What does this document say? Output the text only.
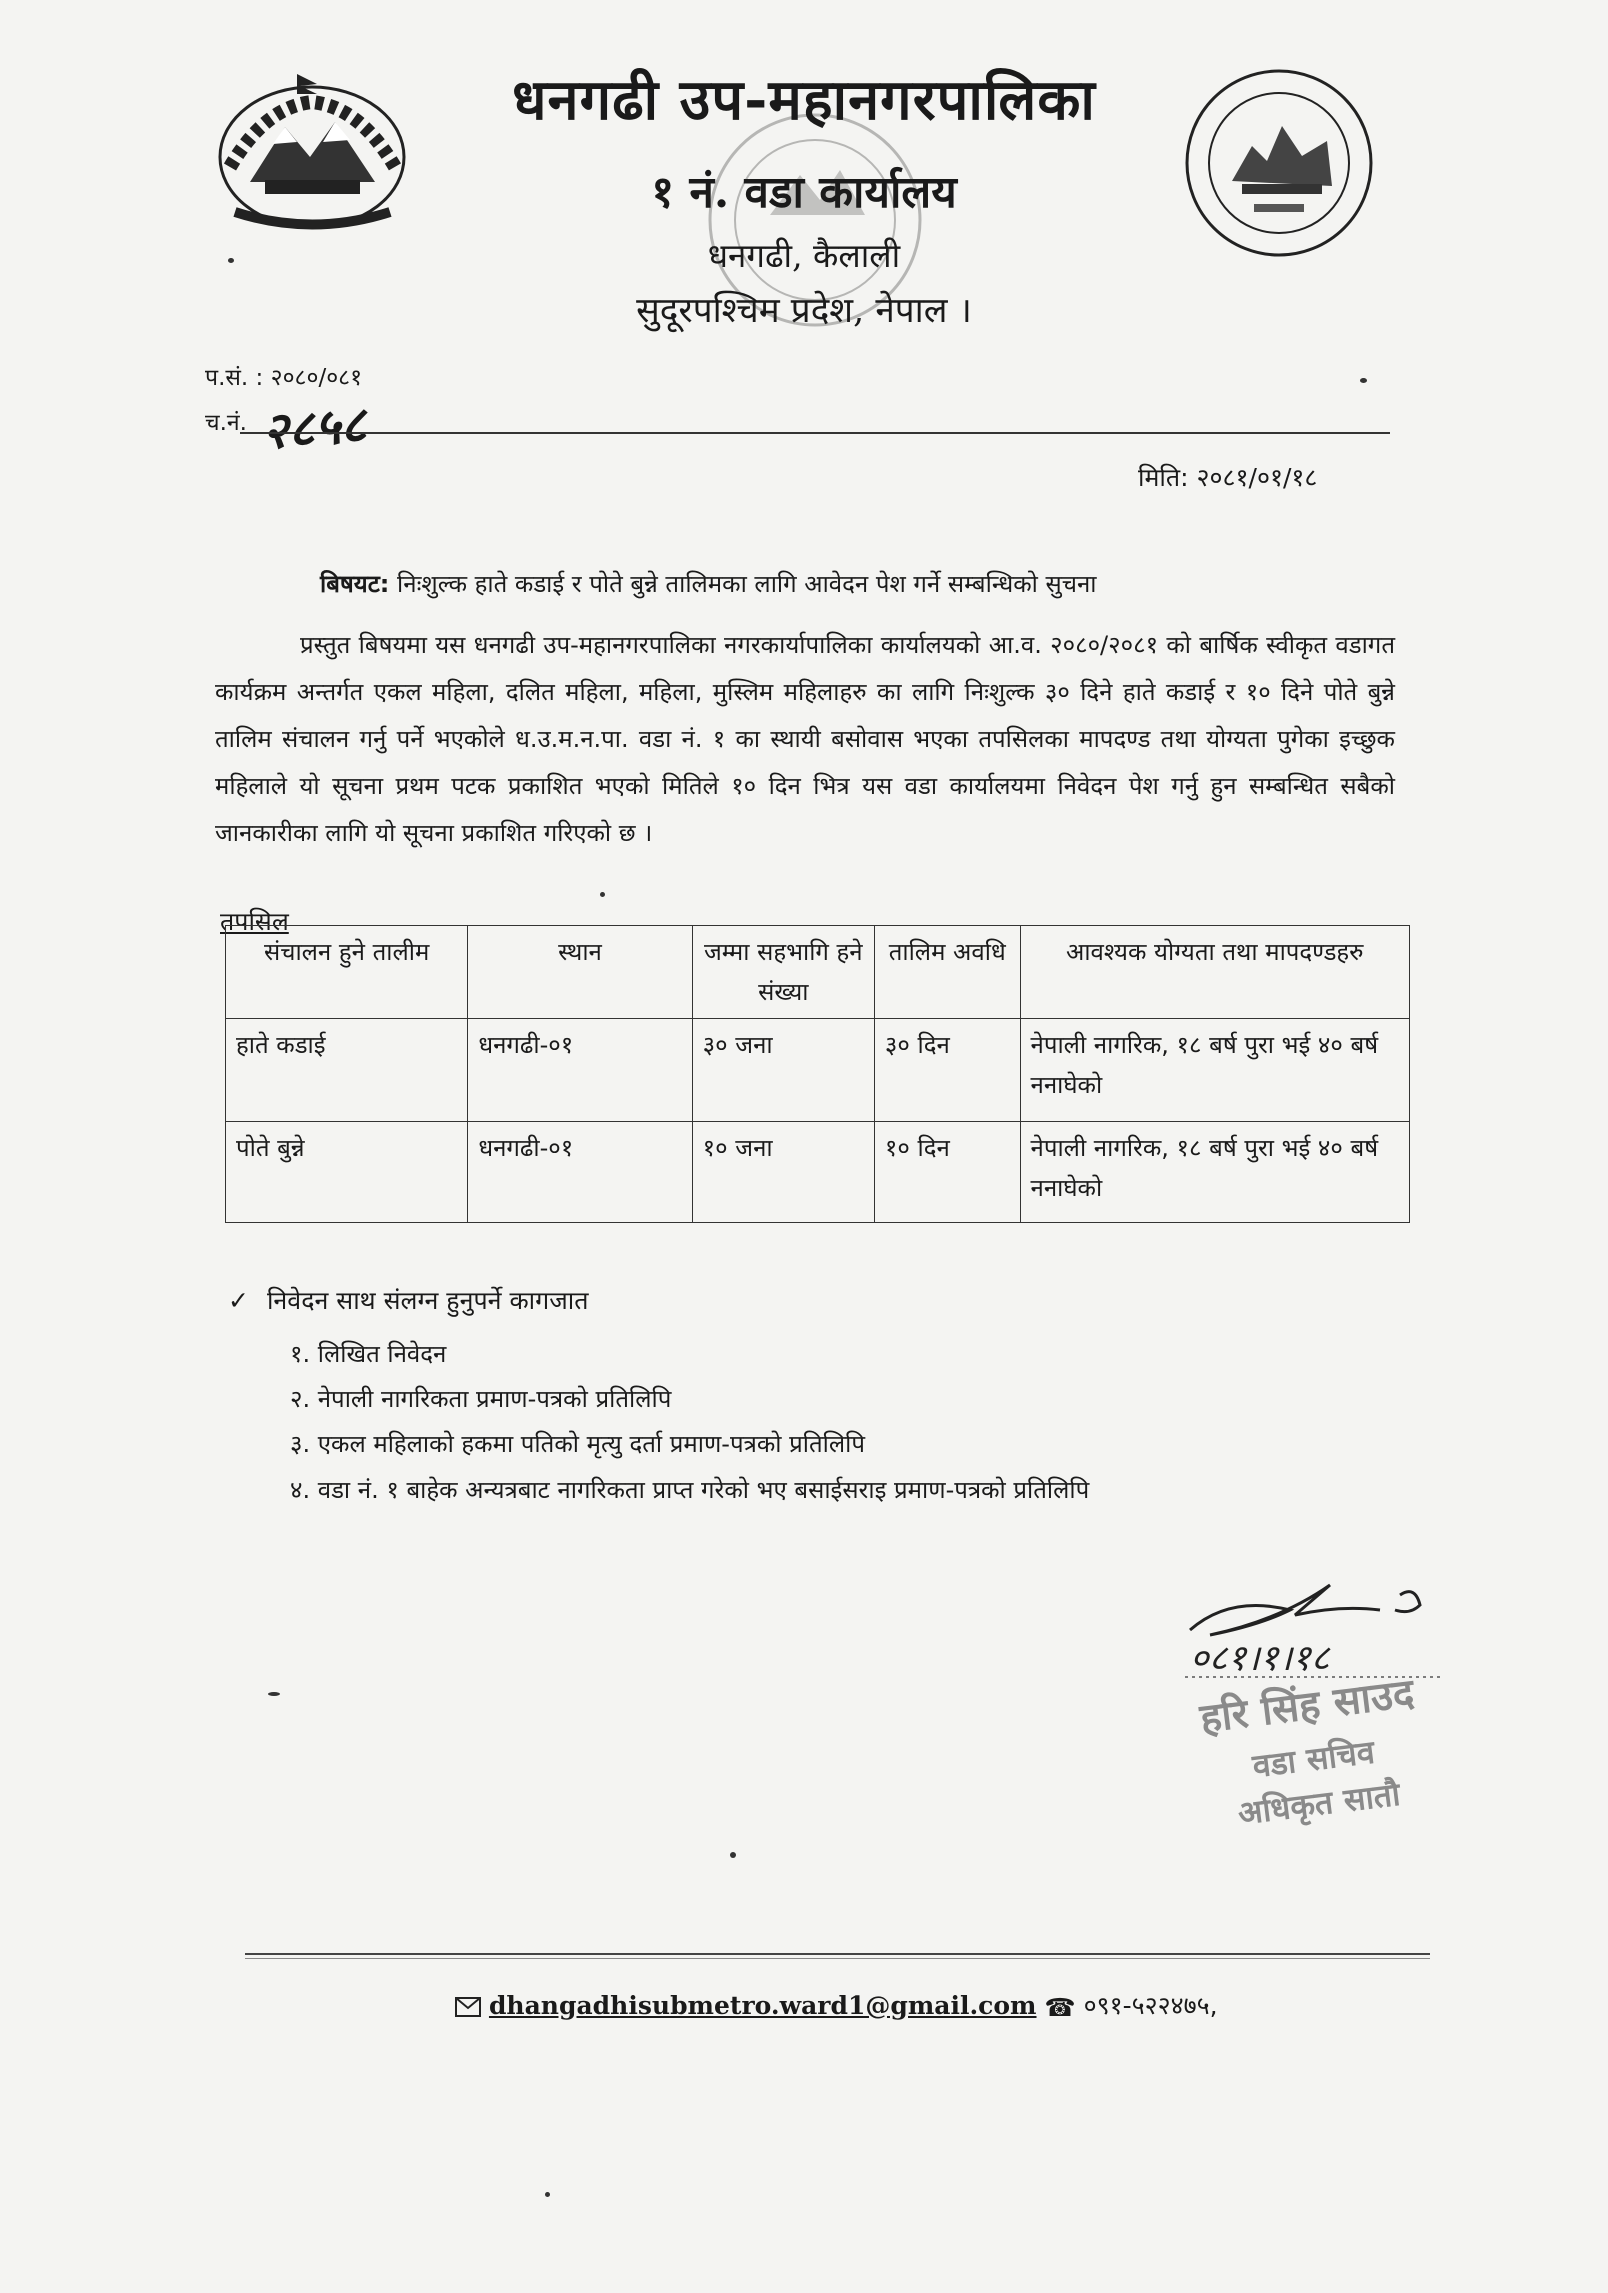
धनगढी उप-महानगरपालिका
१ नं. वडा कार्यालय
धनगढी, कैलाली
सुदूरपश्चिम प्रदेश, नेपाल ।
प.सं. : २०८०/०८१
च.नं. २८५८
मिति: २०८१/०१/१८
बिषयट: निःशुल्क हाते कडाई र पोते बुन्ने तालिमका लागि आवेदन पेश गर्ने सम्बन्धिको सुचना
प्रस्तुत बिषयमा यस धनगढी उप-महानगरपालिका नगरकार्यापालिका कार्यालयको आ.व. २०८०/२०८१ को बार्षिक स्वीकृत वडागत कार्यक्रम अन्तर्गत एकल महिला, दलित महिला, महिला, मुस्लिम महिलाहरु का लागि निःशुल्क ३० दिने हाते कडाई र १० दिने पोते बुन्ने तालिम संचालन गर्नु पर्ने भएकोले ध.उ.म.न.पा. वडा नं. १ का स्थायी बसोवास भएका तपसिलका मापदण्ड तथा योग्यता पुगेका इच्छुक महिलाले यो सूचना प्रथम पटक प्रकाशित भएको मितिले १० दिन भित्र यस वडा कार्यालयमा निवेदन पेश गर्नु हुन सम्बन्धित सबैको जानकारीका लागि यो सूचना प्रकाशित गरिएको छ ।
तपसिल
संचालन हुने तालीम	स्थान	जम्मा सहभागि हने संख्या	तालिम अवधि	आवश्यक योग्यता तथा मापदण्डहरु
हाते कडाई	धनगढी-०१	३० जना	३० दिन	नेपाली नागरिक, १८ बर्ष पुरा भई ४० बर्ष ननाघेको
पोते बुन्ने	धनगढी-०१	१० जना	१० दिन	नेपाली नागरिक, १८ बर्ष पुरा भई ४० बर्ष ननाघेको
✓ निवेदन साथ संलग्न हुनुपर्ने कागजात
१. लिखित निवेदन
२. नेपाली नागरिकता प्रमाण-पत्रको प्रतिलिपि
३. एकल महिलाको हकमा पतिको मृत्यु दर्ता प्रमाण-पत्रको प्रतिलिपि
४. वडा नं. १ बाहेक अन्यत्रबाट नागरिकता प्राप्त गरेको भए बसाईसराइ प्रमाण-पत्रको प्रतिलिपि
०८१।१।१८
हरि सिंह साउद
वडा सचिव
अधिकृत सातौ
dhangadhisubmetro.ward1@gmail.com ☎ ०९१-५२२४७५,
